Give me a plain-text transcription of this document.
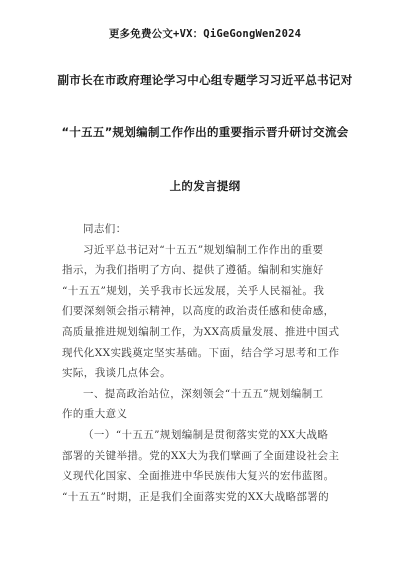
更多免费公文+VX：QiGeGongWen2024
副市长在市政府理论学习中心组专题学习习近平总书记对
“十五五”规划编制工作作出的重要指示晋升研讨交流会
上的发言提纲
同志们：
习近平总书记对“十五五”规划编制工作作出的重要
指示，为我们指明了方向、提供了遵循。编制和实施好
“十五五”规划，关乎我市长远发展，关乎人民福祉。我
们要深刻领会指示精神，以高度的政治责任感和使命感，
高质量推进规划编制工作，为XX高质量发展、推进中国式
现代化XX实践奠定坚实基础。下面，结合学习思考和工作
实际，我谈几点体会。
一、提高政治站位，深刻领会“十五五”规划编制工
作的重大意义
（一）“十五五”规划编制是贯彻落实党的XX大战略
部署的关键举措。党的XX大为我们擘画了全面建设社会主
义现代化国家、全面推进中华民族伟大复兴的宏伟蓝图。
“十五五”时期，正是我们全面落实党的XX大战略部署的
